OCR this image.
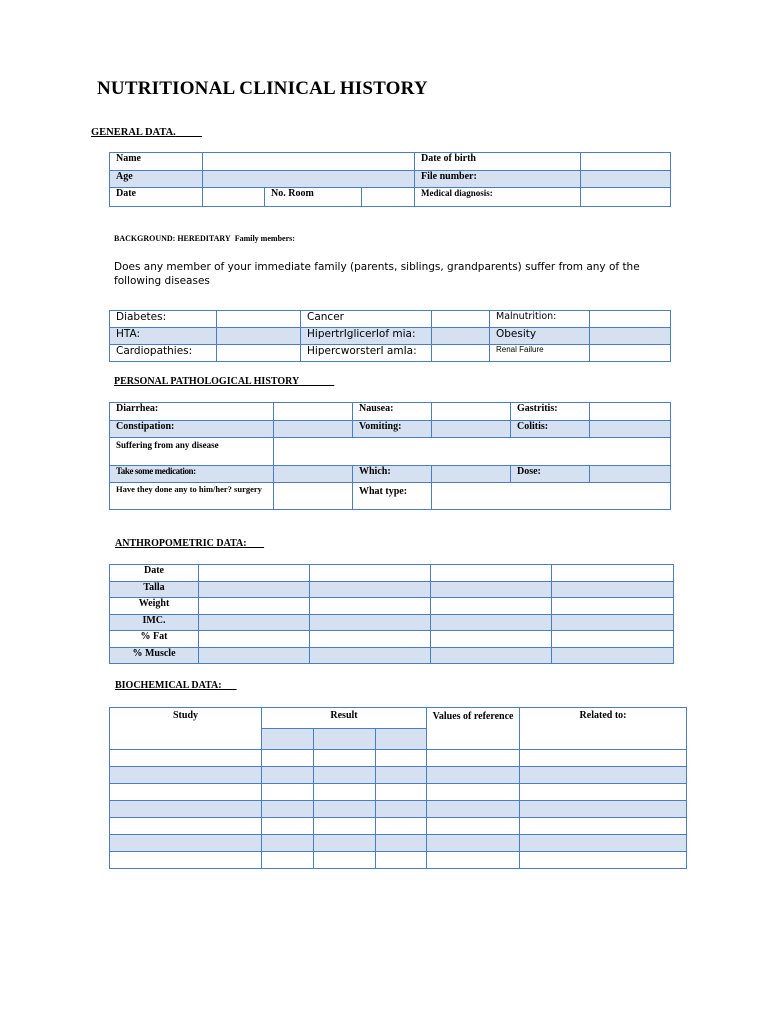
NUTRITIONAL CLINICAL HISTORY
GENERAL DATA.
Name		Date of birth	
Age		File number:	
Date		No. Room		Medical diagnosis:	
BACKGROUND: HEREDITARY Family members:
Does any member of your immediate family (parents, siblings, grandparents) suffer from any of the following diseases
Diabetes:		Cancer		Malnutrition:	
HTA:		HipertrIglicerIof mia:		Obesity	
Cardiopathies:		HipercworsterI amIa:		Renal Failure	
PERSONAL PATHOLOGICAL HISTORY
Diarrhea:		Nausea:		Gastritis:	
Constipation:		Vomiting:		Colitis:	
Suffering from any disease					
Take some medication:		Which:		Dose:	
Have they done any to him/her? surgery		What type:			
ANTHROPOMETRIC DATA:
Date				
Talla				
Weight				
IMC.				
% Fat				
% Muscle				
BIOCHEMICAL DATA:
Study	Result			Values of reference	Related to:
